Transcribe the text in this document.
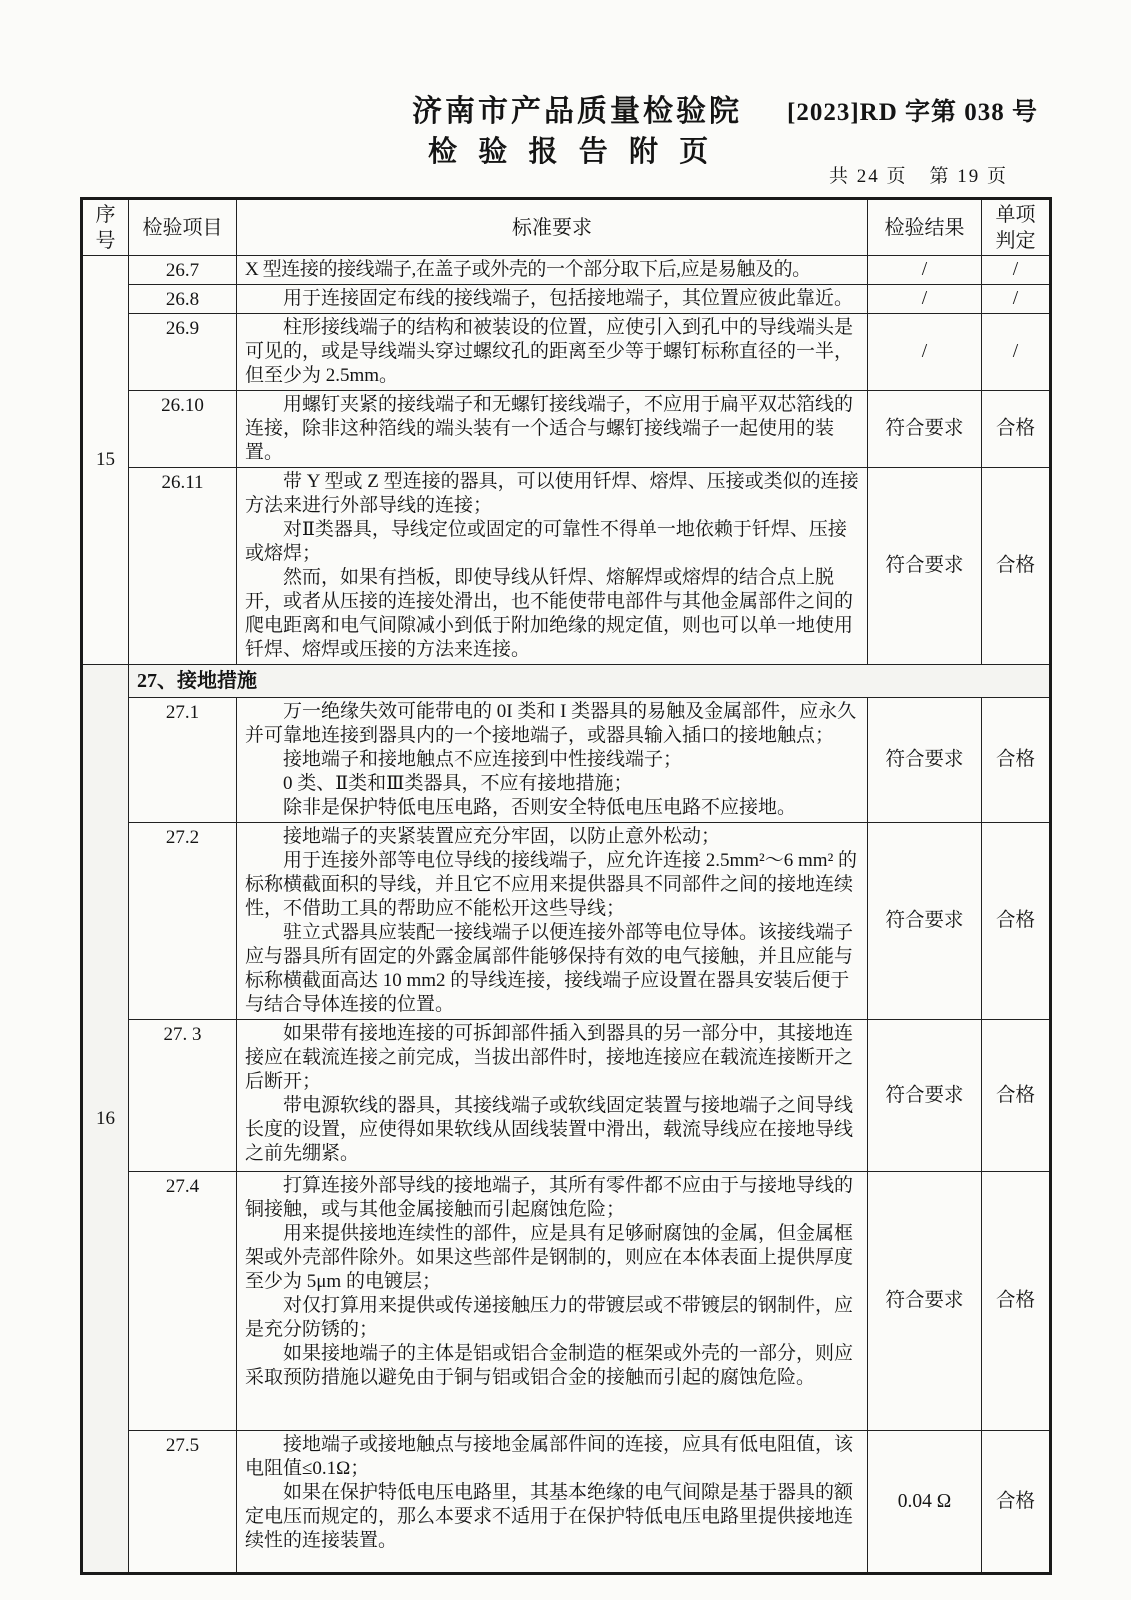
济南市产品质量检验院 [2023]RD 字第 038 号
检 验 报 告 附 页
共 24 页 第 19 页
序
号	检验项目	标准要求	检验结果	单项
判定

15	26.7	X 型连接的接线端子,在盖子或外壳的一个部分取下后,应是易触及的。	/	/
	26.8	用于连接固定布线的接线端子，包括接地端子，其位置应彼此靠近。	/	/
	26.9	柱形接线端子的结构和被装设的位置，应使引入到孔中的导线端头是可见的，或是导线端头穿过螺纹孔的距离至少等于螺钉标称直径的一半，但至少为 2.5mm。	/	/
	26.10	用螺钉夹紧的接线端子和无螺钉接线端子，不应用于扁平双芯箔线的连接，除非这种箔线的端头装有一个适合与螺钉接线端子一起使用的装置。	符合要求	合格
	26.11	带 Y 型或 Z 型连接的器具，可以使用钎焊、熔焊、压接或类似的连接方法来进行外部导线的连接；

对Ⅱ类器具，导线定位或固定的可靠性不得单一地依赖于钎焊、压接或熔焊；

然而，如果有挡板，即使导线从钎焊、熔解焊或熔焊的结合点上脱开，或者从压接的连接处滑出，也不能使带电部件与其他金属部件之间的爬电距离和电气间隙减小到低于附加绝缘的规定值，则也可以单一地使用钎焊、熔焊或压接的方法来连接。	符合要求	合格
16	27、接地措施			
	27.1	万一绝缘失效可能带电的 0I 类和 I 类器具的易触及金属部件，应永久并可靠地连接到器具内的一个接地端子，或器具输入插口的接地触点；

接地端子和接地触点不应连接到中性接线端子；

0 类、Ⅱ类和Ⅲ类器具，不应有接地措施；

除非是保护特低电压电路，否则安全特低电压电路不应接地。	符合要求	合格
	27.2	接地端子的夹紧装置应充分牢固，以防止意外松动；

用于连接外部等电位导线的接线端子，应允许连接 2.5mm²～6 mm² 的标称横截面积的导线，并且它不应用来提供器具不同部件之间的接地连续性，不借助工具的帮助应不能松开这些导线；

驻立式器具应装配一接线端子以便连接外部等电位导体。该接线端子应与器具所有固定的外露金属部件能够保持有效的电气接触，并且应能与标称横截面高达 10 mm2 的导线连接，接线端子应设置在器具安装后便于与结合导体连接的位置。	符合要求	合格
	27. 3	如果带有接地连接的可拆卸部件插入到器具的另一部分中，其接地连接应在载流连接之前完成，当拔出部件时，接地连接应在载流连接断开之后断开；

带电源软线的器具，其接线端子或软线固定装置与接地端子之间导线长度的设置，应使得如果软线从固线装置中滑出，载流导线应在接地导线之前先绷紧。	符合要求	合格
	27.4	打算连接外部导线的接地端子，其所有零件都不应由于与接地导线的铜接触，或与其他金属接触而引起腐蚀危险；

用来提供接地连续性的部件，应是具有足够耐腐蚀的金属，但金属框架或外壳部件除外。如果这些部件是钢制的，则应在本体表面上提供厚度至少为 5μm 的电镀层；

对仅打算用来提供或传递接触压力的带镀层或不带镀层的钢制件，应是充分防锈的；

如果接地端子的主体是铝或铝合金制造的框架或外壳的一部分，则应采取预防措施以避免由于铜与铝或铝合金的接触而引起的腐蚀危险。	符合要求	合格
	27.5	接地端子或接地触点与接地金属部件间的连接，应具有低电阻值，该电阻值≤0.1Ω；

如果在保护特低电压电路里，其基本绝缘的电气间隙是基于器具的额定电压而规定的，那么本要求不适用于在保护特低电压电路里提供接地连续性的连接装置。	0.04 Ω	合格
